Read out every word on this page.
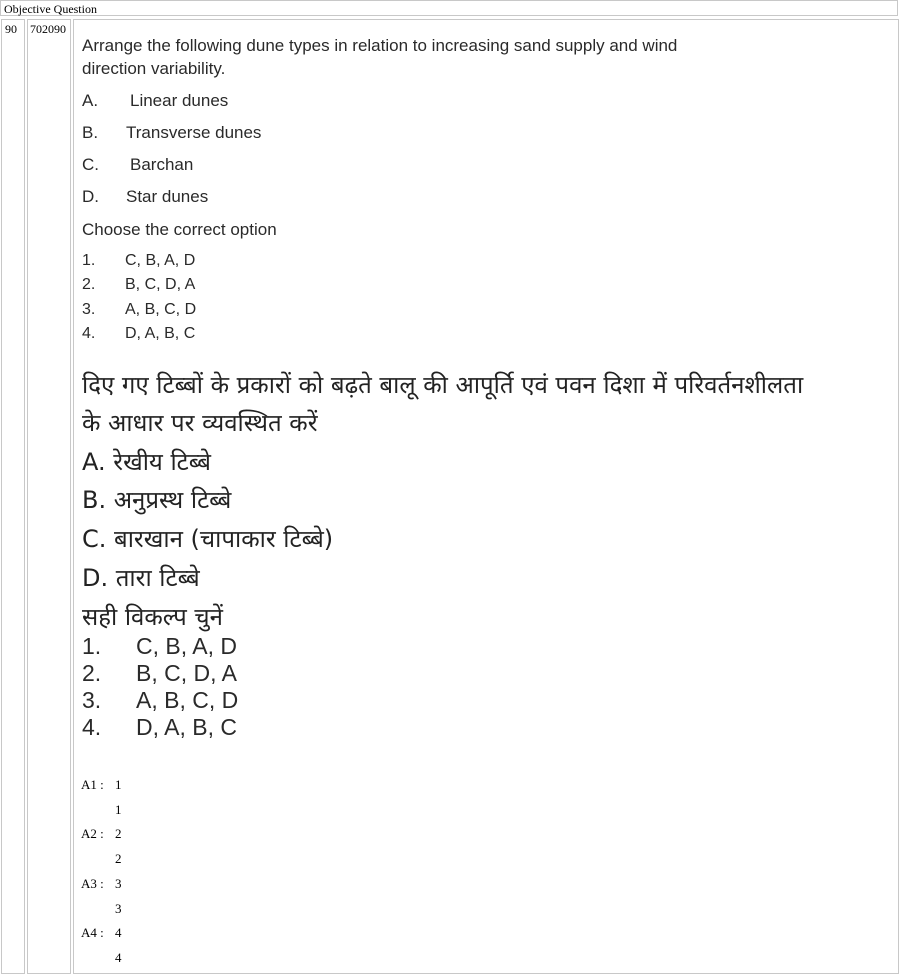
Objective Question
90	702090
Arrange the following dune types in relation to increasing sand supply and wind
direction variability.
A. Linear dunes
B. Transverse dunes
C. Barchan
D. Star dunes
Choose the correct option
1. C, B, A, D
2. B, C, D, A
3. A, B, C, D
4. D, A, B, C
दिए गए टिब्बों के प्रकारों को बढ़ते बालू की आपूर्ति एवं पवन दिशा में परिवर्तनशीलता
के आधार पर व्यवस्थित करें
A. रेखीय टिब्बे
B. अनुप्रस्थ टिब्बे
C. बारखान (चापाकार टिब्बे)
D. तारा टिब्बे
सही विकल्प चुनें
1. C, B, A, D
2. B, C, D, A
3. A, B, C, D
4. D, A, B, C
A1 : 1
1
A2 : 2
2
A3 : 3
3
A4 : 4
4
